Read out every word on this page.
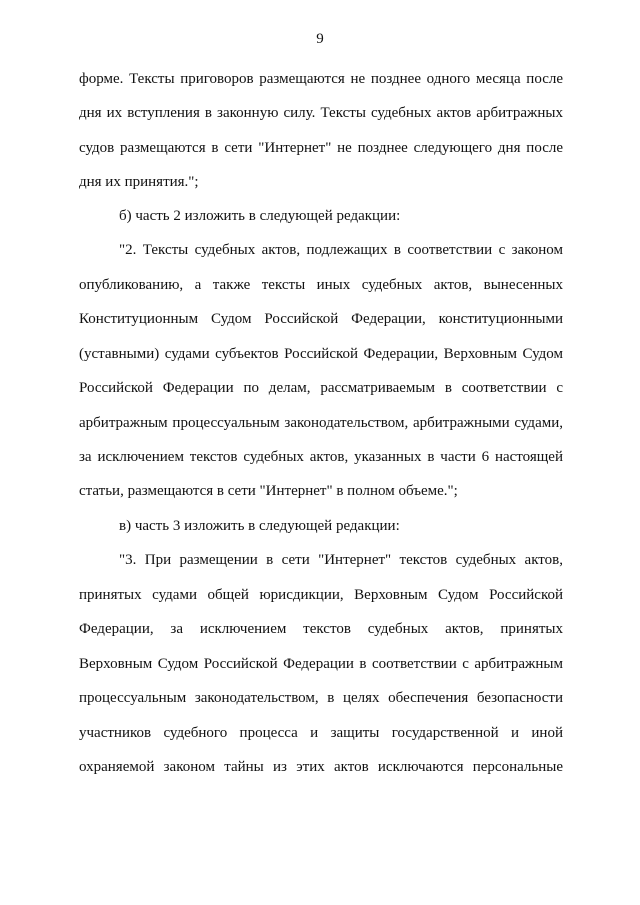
9
форме. Тексты приговоров размещаются не позднее одного месяца после
дня их вступления в законную силу. Тексты судебных актов арбитражных
судов размещаются в сети "Интернет" не позднее следующего дня после
дня их принятия.";
б) часть 2 изложить в следующей редакции:
"2. Тексты судебных актов, подлежащих в соответствии с законом
опубликованию, а также тексты иных судебных актов, вынесенных
Конституционным Судом Российской Федерации, конституционными
(уставными) судами субъектов Российской Федерации, Верховным Судом
Российской Федерации по делам, рассматриваемым в соответствии с
арбитражным процессуальным законодательством, арбитражными судами,
за исключением текстов судебных актов, указанных в части 6 настоящей
статьи, размещаются в сети "Интернет" в полном объеме.";
в) часть 3 изложить в следующей редакции:
"3. При размещении в сети "Интернет" текстов судебных актов,
принятых судами общей юрисдикции, Верховным Судом Российской
Федерации, за исключением текстов судебных актов, принятых
Верховным Судом Российской Федерации в соответствии с арбитражным
процессуальным законодательством, в целях обеспечения безопасности
участников судебного процесса и защиты государственной и иной
охраняемой законом тайны из этих актов исключаются персональные
